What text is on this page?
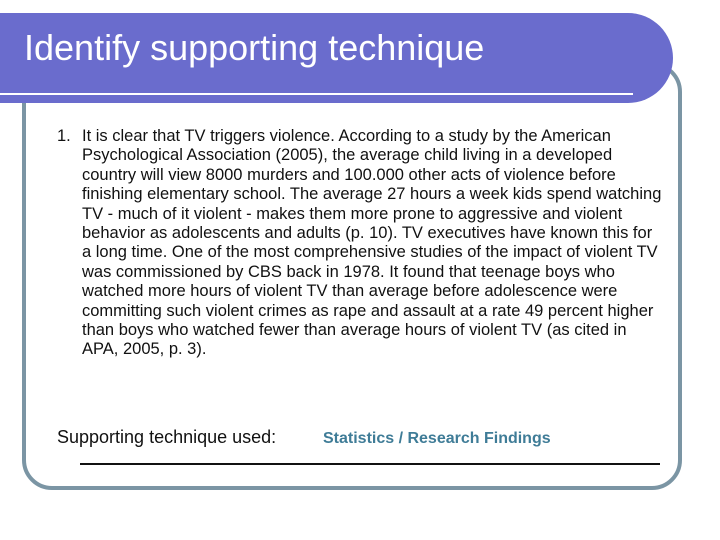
Identify supporting technique
1. It is clear that TV triggers violence. According to a study by the American Psychological Association (2005), the average child living in a developed country will view 8000 murders and 100.000 other acts of violence before finishing elementary school. The average 27 hours a week kids spend watching TV - much of it violent - makes them more prone to aggressive and violent behavior as adolescents and adults (p. 10). TV executives have known this for a long time. One of the most comprehensive studies of the impact of violent TV was commissioned by CBS back in 1978. It found that teenage boys who watched more hours of violent TV than average before adolescence were committing such violent crimes as rape and assault at a rate 49 percent higher than boys who watched fewer than average hours of violent TV (as cited in APA, 2005, p. 3).
Supporting technique used:	Statistics / Research Findings
